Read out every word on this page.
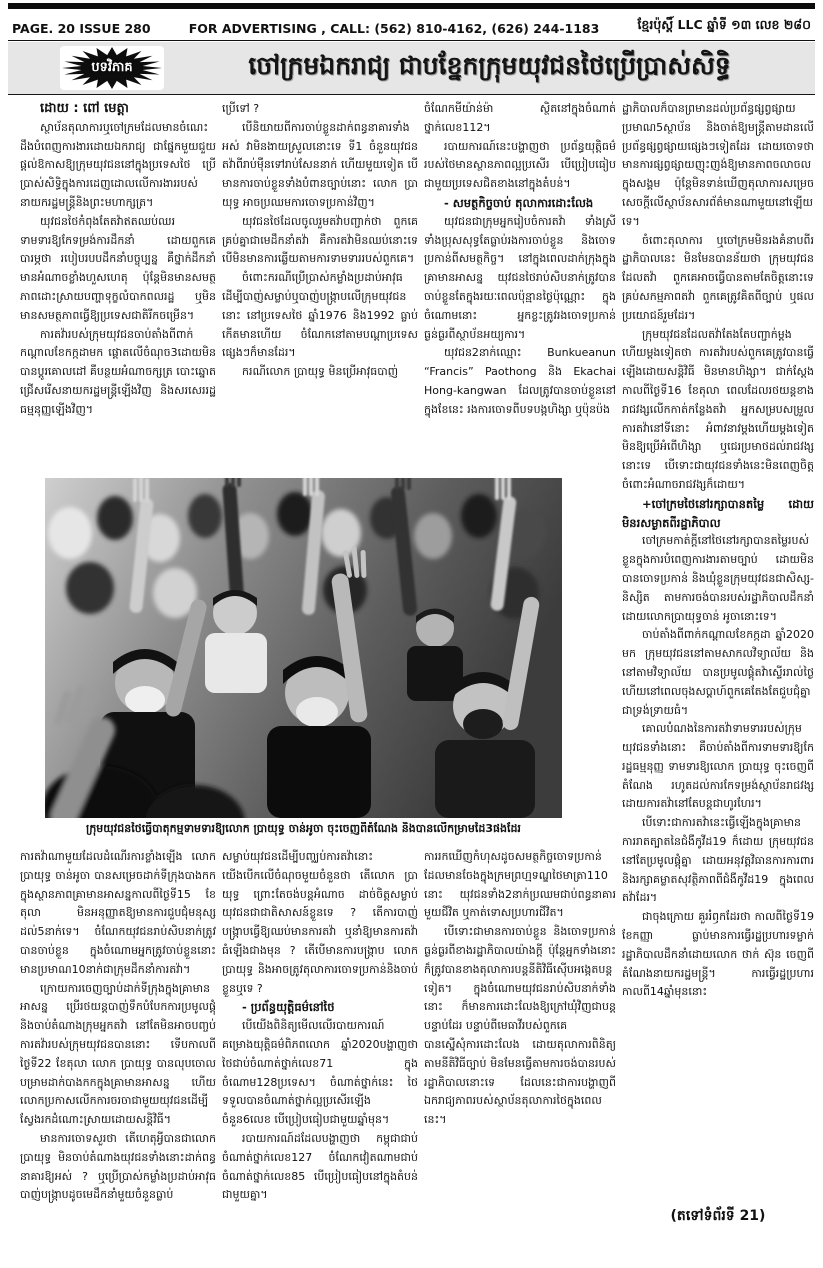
PAGE. 20 ISSUE 280	FOR ADVERTISING , CALL: (562) 810-4162, (626) 244-1183	ខ្មែរប៉ុស្តិ៍ LLC ឆ្នាំទី ១៣ លេខ ២៨០
បទវិភាគ	ចៅក្រមឯករាជ្យ ជាបខ្នែកក្រុមយុវជនថៃប្រើប្រាស់សិទ្ធិ

ដោយ : ពៅ មេត្តា

ស្ថាប័នតុលាការឬចៅក្រមដែលមានចំណេះដឹងបំពេញការងារដោយឯករាជ្យ ជាផ្នែកមួយជួយផ្តល់ឱកាសឱ្យក្រុមយុវជននៅក្នុងប្រទេសថៃ ប្រើប្រាស់សិទ្ធិក្នុងការដេញដោលលើការងាររបស់នាយករដ្ឋមន្ត្រីនិងព្រះមហាក្សត្រ។

យុវជនថៃកំពុងតែតវ៉ាឥតឈប់ឈរទាមទារឱ្យកែទម្រង់ការដឹកនាំ ដោយពួកគេបារម្ភថា របៀបរបបដឹកនាំបច្ចុប្បន្ន គឺថ្នាក់ដឹកនាំមានអំណាចខ្លាំងហួសហេតុ ប៉ុន្តែមិនមានសមត្ថភាពដោះស្រាយបញ្ហាទុក្ខលំបាកពលរដ្ឋ ឬមិនមានសមត្ថភាពធ្វើឱ្យប្រទេសជាតិរីកចម្រើន។

ការតវ៉ារបស់ក្រុមយុវជនចាប់តាំងពីពាក់កណ្តាលខែកក្កដាមក ផ្តោតលើចំណុច3ដោយមិនបានប្តូរគោលដៅ គឺបន្ថយអំណាចក្សត្រ បោះឆ្នោតជ្រើសរើសនាយករដ្ឋមន្ត្រីឡើងវិញ និងសរសេររដ្ឋធម្មនុញ្ញឡើងវិញ។

ប្រើទៅ ?

បើនិយាយពីការចាប់ខ្លួនដាក់ពន្ធនាគារទាំងអស់ វាមិនងាយស្រួលនោះទេ ទី1 ចំនួនយុវជនតវ៉ាពីរាប់ម៉ឺនទៅរាប់សែននាក់ ហើយមួយទៀត បើមានការចាប់ខ្លួនទាំងបំពានច្បាប់នោះ លោក ប្រាយុទ្ធ អាចប្រឈមការចោទប្រកាន់វិញ។

យុវជនថៃដែលចូលរួមតវ៉ាបញ្ជាក់ថា ពួកគេគ្រប់គ្នាជាមេដឹកនាំតវ៉ា គឺការតវ៉ាមិនឈប់នោះទេ បើមិនមានការឆ្លើយតាមការទាមទាររបស់ពួកគេ។

ចំពោះករណីប្រើប្រាស់កម្លាំងប្រដាប់អាវុធ ដើម្បីបាញ់សម្លាប់ឬបាញ់បង្ក្រាបលើក្រុមយុវជននោះ នៅប្រទេសថៃ ឆ្នាំ1976 និង1992 ធ្លាប់កើតមានហើយ ចំណែកនៅតាមបណ្តាប្រទេសផ្សេងៗក៏មានដែរ។

ករណីលោក ប្រាយុទ្ធ មិនប្រើអាវុធបាញ់

ចំណែកមីយ៉ាន់ម៉ា ស្ថិតនៅក្នុងចំណាត់ថ្នាក់លេខ112។

របាយការណ៍នេះបង្ហាញថា ប្រព័ន្ធយុត្តិធម៌របស់ថៃមានស្ថានភាពល្អប្រសើរ បើប្រៀបធៀបជាមួយប្រទេសជិតខាងនៅក្នុងតំបន់។

- សមត្ថកិច្ចចាប់ តុលាការដោះលែង

យុវជនជាក្រុមអ្នករៀបចំការតវ៉ា ទាំងស្រីទាំងប្រុសសុទ្ធតែធ្លាប់រងការចាប់ខ្លួន និងចោទប្រកាន់ពីសមត្ថកិច្ច។ នៅក្នុងពេលដាក់ក្រុងក្នុងគ្រាមានអាសន្ន យុវជនថៃរាប់សិបនាក់ត្រូវបានចាប់ខ្លួនតែក្នុងរយៈពេលប៉ុន្មានថ្ងៃប៉ុណ្ណោះ ក្នុងចំណោមនោះ អ្នកខ្លះត្រូវរងចោទប្រកាន់ធ្ងន់ធ្ងរពីស្ថាប័នអយ្យការ។

យុវជន2នាក់ឈ្មោះ Bunkueanun “Francis” Paothong និង Ekachai Hong-kangwan ដែលត្រូវបានចាប់ខ្លួននៅក្នុងខែនេះ រងការចោទពីបទបង្កហិង្សា ឬប៉ុនប៉ង

ដ្ឋាភិបាលក៏បានព្រមានដល់ប្រព័ន្ធផ្សព្វផ្សាយប្រមាណ5ស្ថាប័ន និងចាត់ឱ្យមន្ត្រីតាមដានលើប្រព័ន្ធផ្សព្វផ្សាយផ្សេងៗទៀតដែរ ដោយចោទថា មានការផ្សព្វផ្សាយញុះញង់ឱ្យមានភាពចលាចលក្នុងសង្គម ប៉ុន្តែមិនទាន់ឃើញតុលាការសម្រេចសេចក្តីលើស្ថាប័នសារព័ត៌មានណាមួយនៅឡើយទេ។

ចំពោះតុលាការ ឬចៅក្រមមិនរងគំនាបពីរដ្ឋាភិបាលនេះ មិនមែនបានន័យថា ក្រុមយុវជនដែលតវ៉ា ពួកគេអាចធ្វើបានតាមតែចិត្តនោះទេ គ្រប់សកម្មភាពតវ៉ា ពួកគេត្រូវគិតពីច្បាប់ ឬផលប្រយោជន៍រួមដែរ។

ក្រុមយុវជនដែលតវ៉ាតែងតែបញ្ជាក់ម្តងហើយម្តងទៀតថា ការតវ៉ារបស់ពួកគេត្រូវបានធ្វើឡើងដោយសន្តិវិធី មិនមានហិង្សា។ ជាក់ស្តែងកាលពីថ្ងៃទី16 ខែតុលា ពេលដែលរថយន្តខាងរាជវង្សលើកកាត់កន្លែងតវ៉ា អ្នកសម្របសម្រួលការតវ៉ានៅទីនោះ អំពាវនាវម្តងហើយម្តងទៀត មិនឱ្យប្រើអំពើហិង្សា ឬជេរប្រមាថដល់រាជវង្សនោះទេ បើទោះជាយុវជនទាំងនេះមិនពេញចិត្តចំពោះអំណាចរាជវង្សក៏ដោយ។

+ចៅក្រមថៃនៅរក្សាបានតម្លៃ ដោយមិនរសម្ងាតពីរដ្ឋាភិបាល

ចៅក្រមកាត់ក្តីនៅថៃនៅរក្សាបានតម្លៃរបស់ខ្លួនក្នុងការបំពេញការងារតាមច្បាប់ ដោយមិនបានចោទប្រកាន់ និងឃុំខ្លួនក្រុមយុវជនជាសិស្ស-និស្សិត តាមការចង់បានរបស់រដ្ឋាភិបាលដឹកនាំដោយលោកប្រាយុទ្ធចាន់ អូចានោះទេ។

ចាប់តាំងពីពាក់កណ្តាលខែកក្កដា ឆ្នាំ2020 មក ក្រុមយុវជននៅតាមសាកលវិទ្យាល័យ និងនៅតាមវិទ្យាល័យ បានប្រមូលផ្តុំតវ៉ាស្ទើររាល់ថ្ងៃ ហើយនៅពេលចុងសប្តាហ៍ពួកគេតែងតែជួបជុំគ្នាជាទ្រង់ទ្រាយធំ។

គោលបំណងនៃការតវ៉ាទាមទាររបស់ក្រុមយុវជនទាំងនោះ គឺចាប់តាំងពីការទាមទារឱ្យកែរដ្ឋធម្មនុញ្ញ ទាមទារឱ្យលោក ប្រាយុទ្ធ ចុះចេញពីតំណែង រហូតដល់ការកែទម្រង់ស្ថាប័នរាជវង្ស ដោយការតវ៉ានៅតែបន្តជាហូរហែរ។

បើទោះជាការតវ៉ានេះធ្វើឡើងក្នុងគ្រាមានការរាតត្បាតនៃជំងឺកូវីដ19 ក៏ដោយ ក្រុមយុវជននៅតែប្រមូលផ្តុំគ្នា ដោយអនុវត្តវិធានការការពារ និងរក្សាគម្លាតសុវត្ថិភាពពីជំងឺកូវីដ19 ក្នុងពេលតវ៉ាដែរ។

ជាចុងក្រោយ គួររំឭកដែរថា កាលពីថ្ងៃទី19 ខែកញ្ញា ធ្លាប់មានការធ្វើរដ្ឋប្រហារទម្លាក់រដ្ឋាភិបាលដឹកនាំដោយលោក ថាក់ ស៊ុន ចេញពីតំណែងនាយករដ្ឋមន្ត្រី។ ការធ្វើរដ្ឋប្រហារកាលពី14ឆ្នាំមុននោះ

ក្រុមយុវជនថៃធ្វើបាតុកម្មទាមទារឱ្យលោក ប្រាយុទ្ធ ចាន់អូចា ចុះចេញពីតំណែង និងបានលើកម្រាមដៃ3ផងដែរ

ការតវ៉ាណាមួយដែលដំណើរការខ្លាំងឡើង លោក ប្រាយុទ្ធ ចាន់អូចា បានសម្រេចដាក់ទីក្រុងបាងកកក្នុងស្ថានភាពគ្រាមានអាសន្នកាលពីថ្ងៃទី15 ខែតុលា មិនអនុញ្ញាតឱ្យមានការជួបជុំមនុស្សដល់5នាក់ទេ។ ចំណែកយុវជនរាប់សិបនាក់ត្រូវបានចាប់ខ្លួន ក្នុងចំណោមអ្នកត្រូវចាប់ខ្លួននោះ មានប្រមាណ10នាក់ជាក្រុមដឹកនាំការតវ៉ា។

ក្រោយការចេញច្បាប់ដាក់ទីក្រុងក្នុងគ្រាមានអាសន្ន ប្រើរថយន្តបាញ់ទឹកបំបែកការប្រមូលផ្តុំ និងចាប់តំណាងក្រុមអ្នកតវ៉ា នៅតែមិនអាចបញ្ចប់ការតវ៉ារបស់ក្រុមយុវជនបាននោះ ទើបកាលពីថ្ងៃទី22 ខែតុលា លោក ប្រាយុទ្ធ បានលុបចោលបម្រាមដាក់បាងកកក្នុងគ្រាមានអាសន្ន ហើយលោកប្រកាសលើកការចរចាជាមួយយុវជនដើម្បីស្វែងរកដំណោះស្រាយដោយសន្តិវិធី។

មានការចោទសួរថា តើហេតុអ្វីបានជាលោក ប្រាយុទ្ធ មិនចាប់តំណាងយុវជនទាំងនោះដាក់ពន្ធនាគារឱ្យអស់ ? ឬប្រើប្រាស់កម្លាំងប្រដាប់អាវុធបាញ់បង្ក្រាបដូចមេដឹកនាំមួយចំនួនធ្លាប់

សម្លាប់យុវជនដើម្បីបញ្ឈប់ការតវ៉ានោះ យើងបើកលើចំណុចមួយចំនួនថា តើលោក ប្រាយុទ្ធ ព្រោះតែចង់បន្តអំណាច ដាច់ចិត្តសម្លាប់យុវជនជាជាតិសាសន៍ខ្លួនទេ ? តើការបាញ់បង្ក្រាបធ្វើឱ្យឈប់មានការតវ៉ា ឬនាំឱ្យមានការតវ៉ាធំឡើងជាងមុន ? តើបើមានការបង្ក្រាប លោក ប្រាយុទ្ធ និងអាចត្រូវតុលាការចោទប្រកាន់និងចាប់ខ្លួនឬទេ ?

- ប្រព័ន្ធយុត្តិធម៌នៅថៃ

បើយើងពិនិត្យមើលលើរបាយការណ៍គម្រោងយុត្តិធម៌ពិភពលោក ឆ្នាំ2020បង្ហាញថា ថៃជាប់ចំណាត់ថ្នាក់លេខ71 ក្នុងចំណោម128ប្រទេស។ ចំណាត់ថ្នាក់នេះ ថៃទទួលបានចំណាត់ថ្នាក់ល្អប្រសើរឡើងចំនួន6លេខ បើប្រៀបធៀបជាមួយឆ្នាំមុន។

របាយការណ៍ដដែលបង្ហាញថា កម្ពុជាជាប់ចំណាត់ថ្នាក់លេខ127 ចំណែកវៀតណាមជាប់ចំណាត់ថ្នាក់លេខ85 បើប្រៀបធៀបនៅក្នុងតំបន់ជាមួយគ្នា។

ការរកឃើញកំហុសដូចសមត្ថកិច្ចចោទប្រកាន់ ដែលមានចែងក្នុងក្រមព្រហ្មទណ្ឌថៃមាត្រា110 នោះ យុវជនទាំង2នាក់ប្រឈមជាប់ពន្ធនាគារមួយជីវិត ឬកាត់ទោសប្រហារជីវិត។

បើទោះជាមានការចាប់ខ្លួន និងចោទប្រកាន់ធ្ងន់ធ្ងរពីខាងរដ្ឋាភិបាលយ៉ាងក្តី ប៉ុន្តែអ្នកទាំងនោះ ក៏ត្រូវបានខាងតុលាការបន្តនីតិវិធីស៊ើបអង្កេតបន្តទៀត។ ក្នុងចំណោមយុវជនរាប់សិបនាក់ទាំងនោះ ក៏មានការដោះលែងឱ្យក្រៅឃុំវិញជាបន្តបន្ទាប់ដែរ បន្ទាប់ពីមេធាវីរបស់ពួកគេ

បានស្នើសុំការដោះលែង ដោយតុលាការពិនិត្យតាមនីតិវិធីច្បាប់ មិនមែនធ្វើតាមការចង់បានរបស់រដ្ឋាភិបាលនោះទេ ដែលនេះជាការបង្ហាញពីឯករាជ្យភាពរបស់ស្ថាប័នតុលាការថៃក្នុងពេលនេះ។

(តទៅទំព័រទី 21)
